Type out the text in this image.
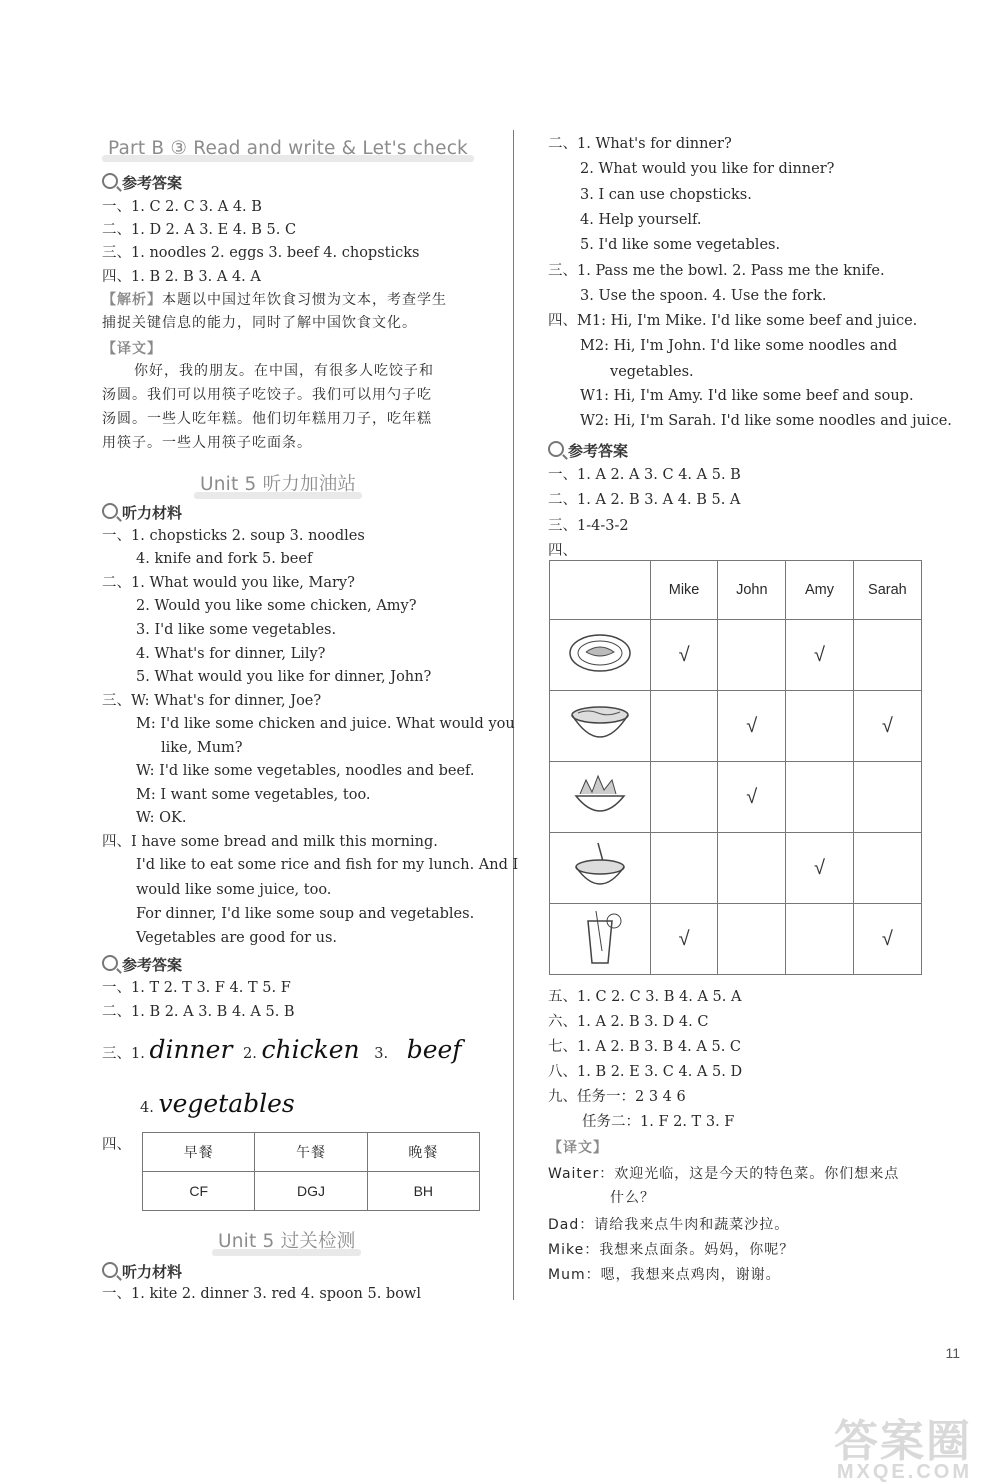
Part B ③ Read and write & Let's check
参考答案
一、1. C 2. C 3. A 4. B
二、1. D 2. A 3. E 4. B 5. C
三、1. noodles 2. eggs 3. beef 4. chopsticks
四、1. B 2. B 3. A 4. A
【解析】本题以中国过年饮食习惯为文本，考查学生
捕捉关键信息的能力，同时了解中国饮食文化。
【译文】
你好，我的朋友。在中国，有很多人吃饺子和
汤圆。我们可以用筷子吃饺子。我们可以用勺子吃
汤圆。一些人吃年糕。他们切年糕用刀子，吃年糕
用筷子。一些人用筷子吃面条。
Unit 5 听力加油站
听力材料
一、1. chopsticks 2. soup 3. noodles
4. knife and fork 5. beef
二、1. What would you like, Mary?
2. Would you like some chicken, Amy?
3. I'd like some vegetables.
4. What's for dinner, Lily?
5. What would you like for dinner, John?
三、W: What's for dinner, Joe?
M: I'd like some chicken and juice. What would you
like, Mum?
W: I'd like some vegetables, noodles and beef.
M: I want some vegetables, too.
W: OK.
四、I have some bread and milk this morning.
I'd like to eat some rice and fish for my lunch. And I
would like some juice, too.
For dinner, I'd like some soup and vegetables.
Vegetables are good for us.
参考答案
一、1. T 2. T 3. F 4. T 5. F
二、1. B 2. A 3. B 4. A 5. B
三、1. dinner 2. chicken 3. beef
4. vegetables
四、	早餐	午餐	晚餐
CF	DGJ	BH
Unit 5 过关检测
听力材料
一、1. kite 2. dinner 3. red 4. spoon 5. bowl
二、1. What's for dinner?
2. What would you like for dinner?
3. I can use chopsticks.
4. Help yourself.
5. I'd like some vegetables.
三、1. Pass me the bowl. 2. Pass me the knife.
3. Use the spoon. 4. Use the fork.
四、M1: Hi, I'm Mike. I'd like some beef and juice.
M2: Hi, I'm John. I'd like some noodles and
vegetables.
W1: Hi, I'm Amy. I'd like some beef and soup.
W2: Hi, I'm Sarah. I'd like some noodles and juice.
参考答案
一、1. A 2. A 3. C 4. A 5. B
二、1. A 2. B 3. A 4. B 5. A
三、1-4-3-2
四、
	Mike	John	Amy	Sarah
	√		√	
		√		√
		√		
			√	
	√			√
五、1. C 2. C 3. B 4. A 5. A
六、1. A 2. B 3. D 4. C
七、1. A 2. B 3. B 4. A 5. C
八、1. B 2. E 3. C 4. A 5. D
九、任务一：2 3 4 6
任务二：1. F 2. T 3. F
【译文】
Waiter：欢迎光临，这是今天的特色菜。你们想来点
什么？
Dad：请给我来点牛肉和蔬菜沙拉。
Mike：我想来点面条。妈妈，你呢？
Mum：嗯，我想来点鸡肉，谢谢。
11
答案圈
MXQE.COM
